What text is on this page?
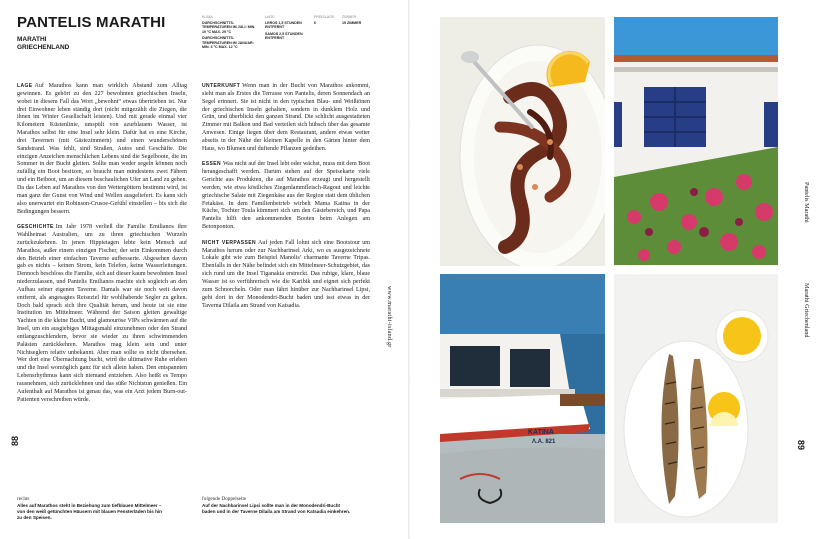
PANTELIS MARATHI
MARATHI
GRIECHENLAND
KLIMA
DURCHSCHNITTS-TEMPERATUREN IM JULI: MIN. 19 °C MAX. 29 °C
DURCHSCHNITTS-TEMPERATUREN IM JANUAR: MIN. 6 °C MAX. 12 °C
LAGE
LEROS 1,5 STUNDEN ENTFERNT
SAMOS 2,5 STUNDEN ENTFERNT
PREISLAGE
€
ZIMMER
15 ZIMMER

LAGE Auf Marathos kann man wirklich Abstand zum Alltag gewinnen. Es gehört zu den 227 bewohnten griechischen Inseln, wobei in diesem Fall das Wort „bewohnt“ etwas übertrieben ist. Nur drei Einwohner leben ständig dort (nicht mitgezählt die Ziegen, die ihnen im Winter Gesellschaft leisten). Und mit gerade einmal vier Kilometern Küstenlinie, umspült von azurblauem Wasser, ist Marathos selbst für eine Insel sehr klein. Dafür hat es eine Kirche, drei Tavernen (mit Gästezimmern) und einen wunderschönen Sandstrand. Was fehlt, sind Straßen, Autos und Geschäfte. Die einzigen Anzeichen menschlichen Lebens sind die Segelboote, die im Sommer in der Bucht gleiten. Sollte man weder segeln können noch zufällig ein Boot besitzen, so braucht man mindestens zwei Fähren und ein Beiboot, um an diesem beschaulichen Ufer an Land zu gehen. Da das Leben auf Marathos von den Wettergöttern bestimmt wird, ist man ganz der Gunst von Wind und Wellen ausgeliefert. Es kann sich also unerwartet ein Robinson-Crusoe-Gefühl einstellen – bis sich die Bedingungen bessern.

GESCHICHTE Im Jahr 1978 verließ die Familie Emilianos ihre Wahlheimat Australien, um zu ihren griechischen Wurzeln zurückzukehren. In jenen Hippietagen lebte kein Mensch auf Marathos, außer einem einzigen Fischer, der sein Einkommen durch den Betrieb einer einfachen Taverne aufbesserte. Abgesehen davon gab es nichts – keinen Strom, kein Telefon, keine Wasserleitungen. Dennoch beschloss die Familie, sich auf dieser kaum bewohnten Insel niederzulassen, und Pantelis Emilianos machte sich sogleich an den Aufbau seiner eigenen Taverne. Damals war sie noch weit davon entfernt, als angesagtes Reiseziel für wohlhabende Segler zu gelten. Doch bald sprach sich ihre Qualität herum, und heute ist sie eine Institution im Mittelmeer. Während der Saison gleiten gewaltige Yachten in die kleine Bucht, und glamouröse VIPs schwärmen auf die Insel, um ein ausgiebiges Mittagsmahl einzunehmen oder den Strand entlangzuschlendern, bevor sie wieder zu ihren schwimmenden Palästen zurückkehren. Marathos mag klein sein und unter Nichtseglern relativ unbekannt. Aber man sollte es nicht übersehen. Wer dort eine Übernachtung bucht, wird die ultimative Ruhe erleben und die Insel womöglich ganz für sich allein haben. Den entspannten Lebensrhythmus kann sich niemand entziehen. Also heißt es Tempo rausnehmen, sich zurücklehnen und das süße Nichtstun genießen. Ein Aufenthalt auf Marathos ist genau das, was ein Arzt jedem Burn-out-Patienten verschreiben würde.

UNTERKUNFT Wenn man in der Bucht von Marathos ankommt, sieht man als Erstes die Terrasse von Pantelis, deren Sonnendach an Segel erinnert. Sie ist nicht in den typischen Blau- und Weißtönen der griechischen Inseln gehalten, sondern in dunklem Holz und Grün, und überblickt den ganzen Strand. Die schlicht ausgestatteten Zimmer mit Balkon und Bad verteilen sich hübsch über das gesamte Anwesen. Einige liegen über dem Restaurant, andere etwas weiter abseits in der Nähe der kleinen Kapelle in den Gärten hinter dem Haus, wo Blumen und duftende Pflanzen gedeihen.

ESSEN Was nicht auf der Insel lebt oder wächst, muss mit dem Boot herangeschafft werden. Darum stehen auf der Speisekarte viele Gerichte aus Produkten, die auf Marathos erzeugt und hergestellt werden, wie etwa köstliches Ziegenlammfleisch-Ragout und leichte griechische Salate mit Ziegenkäse aus der Region statt dem üblichen Fetakäse. In dem Familienbetrieb wirbelt Mama Katina in der Küche, Tochter Toula kümmert sich um den Gästebereich, und Papa Pantelis hilft den ankommenden Booten beim Anlegen am Betonponton.

NICHT VERPASSEN Auf jeden Fall lohnt sich eine Bootstour um Marathos herum oder zur Nachbarinsel Arki, wo es ausgezeichnete Lokale gibt wie zum Beispiel Manolis’ charmante Taverne Tripas. Ebenfalls in der Nähe befindet sich ein Mittelmeer-Schutzgebiet, das sich rund um die Insel Tiganakia erstreckt. Das ruhige, klare, blaue Wasser ist so verführerisch wie die Karibik und eignet sich perfekt zum Schnorcheln. Oder man fährt hinüber zur Nachbarinsel Lipsi, geht dort in der Monodendri-Bucht baden und isst etwas in der Taverna Dilaila am Strand von Katsadia.	www.marathi-island.gr
88
rechts
Alles auf Marathos steht in Beziehung zum tiefblauen Mittelmeer – von den weiß getünchten Häusern mit blauen Fensterläden bis hin zu den Speisen.
folgende Doppelseite
Auf der Nachbarinsel Lipsi sollte man in der Monodendri-Bucht baden und in der Taverne Dilaila am Strand von Katsadia einkehren.
KATINA
Λ.Α. 821
Pantelis Marathi
Marathi Griechenland
89
